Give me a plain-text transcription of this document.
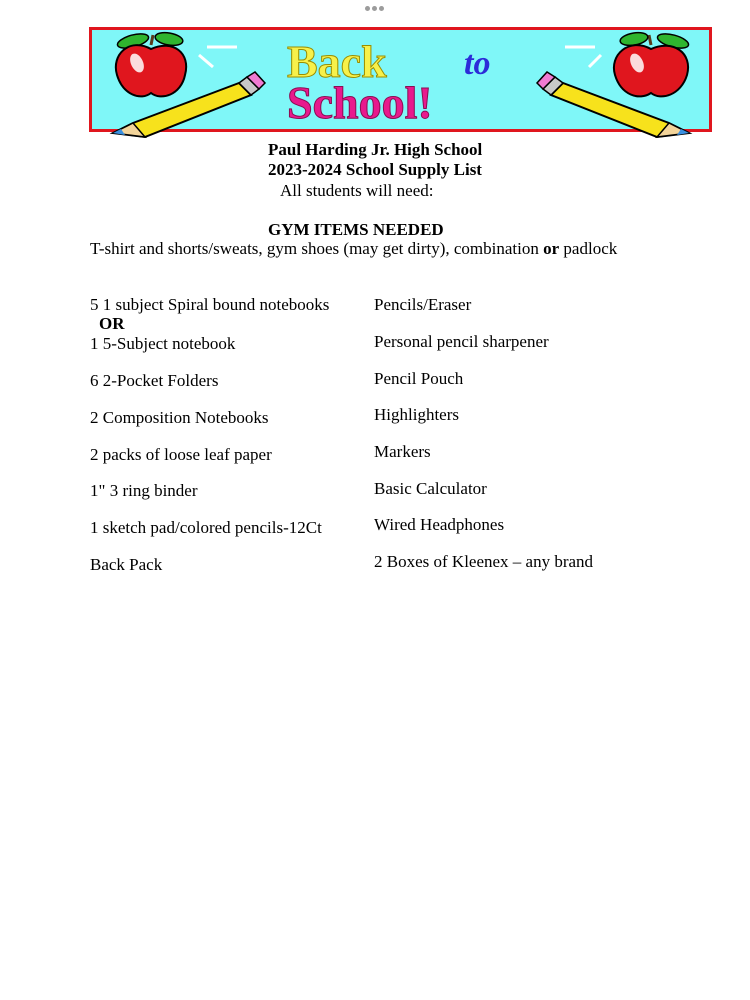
Back to
School!
Paul Harding Jr. High School
2023-2024 School Supply List
All students will need:
GYM ITEMS NEEDED
T-shirt and shorts/sweats, gym shoes (may get dirty), combination or padlock
5 1 subject Spiral bound notebooks
OR
1 5-Subject notebook
6 2-Pocket Folders
2 Composition Notebooks
2 packs of loose leaf paper
1" 3 ring binder
1 sketch pad/colored pencils-12Ct
Back Pack
Pencils/Eraser
Personal pencil sharpener
Pencil Pouch
Highlighters
Markers
Basic Calculator
Wired Headphones
2 Boxes of Kleenex – any brand
